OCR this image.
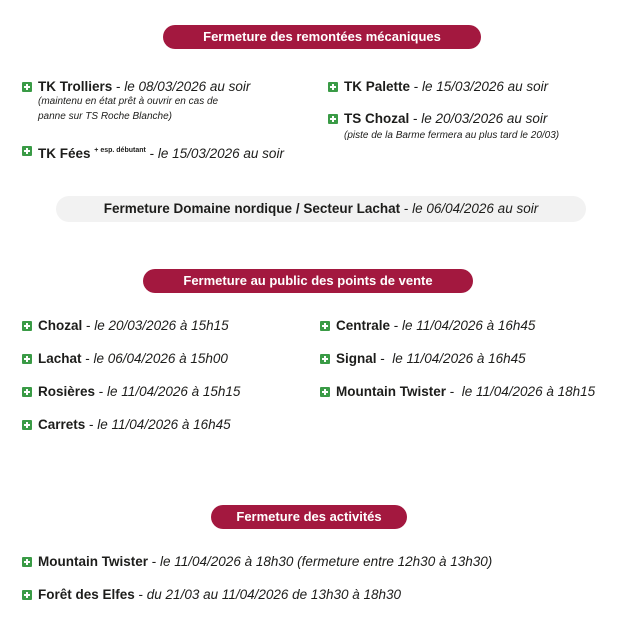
Fermeture des remontées mécaniques
TK Trolliers - le 08/03/2026 au soir
(maintenu en état prêt à ouvrir en cas de
panne sur TS Roche Blanche)
TK Fées $^{+ esp. débutant}$ - le 15/03/2026 au soir
TK Palette - le 15/03/2026 au soir
TS Chozal - le 20/03/2026 au soir
(piste de la Barme fermera au plus tard le 20/03)
Fermeture Domaine nordique / Secteur Lachat - le 06/04/2026 au soir
Fermeture au public des points de vente
Chozal - le 20/03/2026 à 15h15
Lachat - le 06/04/2026 à 15h00
Rosières - le 11/04/2026 à 15h15
Carrets - le 11/04/2026 à 16h45
Centrale - le 11/04/2026 à 16h45
Signal -  le 11/04/2026 à 16h45
Mountain Twister -  le 11/04/2026 à 18h15
Fermeture des activités
Mountain Twister - le 11/04/2026 à 18h30 (fermeture entre 12h30 à 13h30)
Forêt des Elfes - du 21/03 au 11/04/2026 de 13h30 à 18h30
